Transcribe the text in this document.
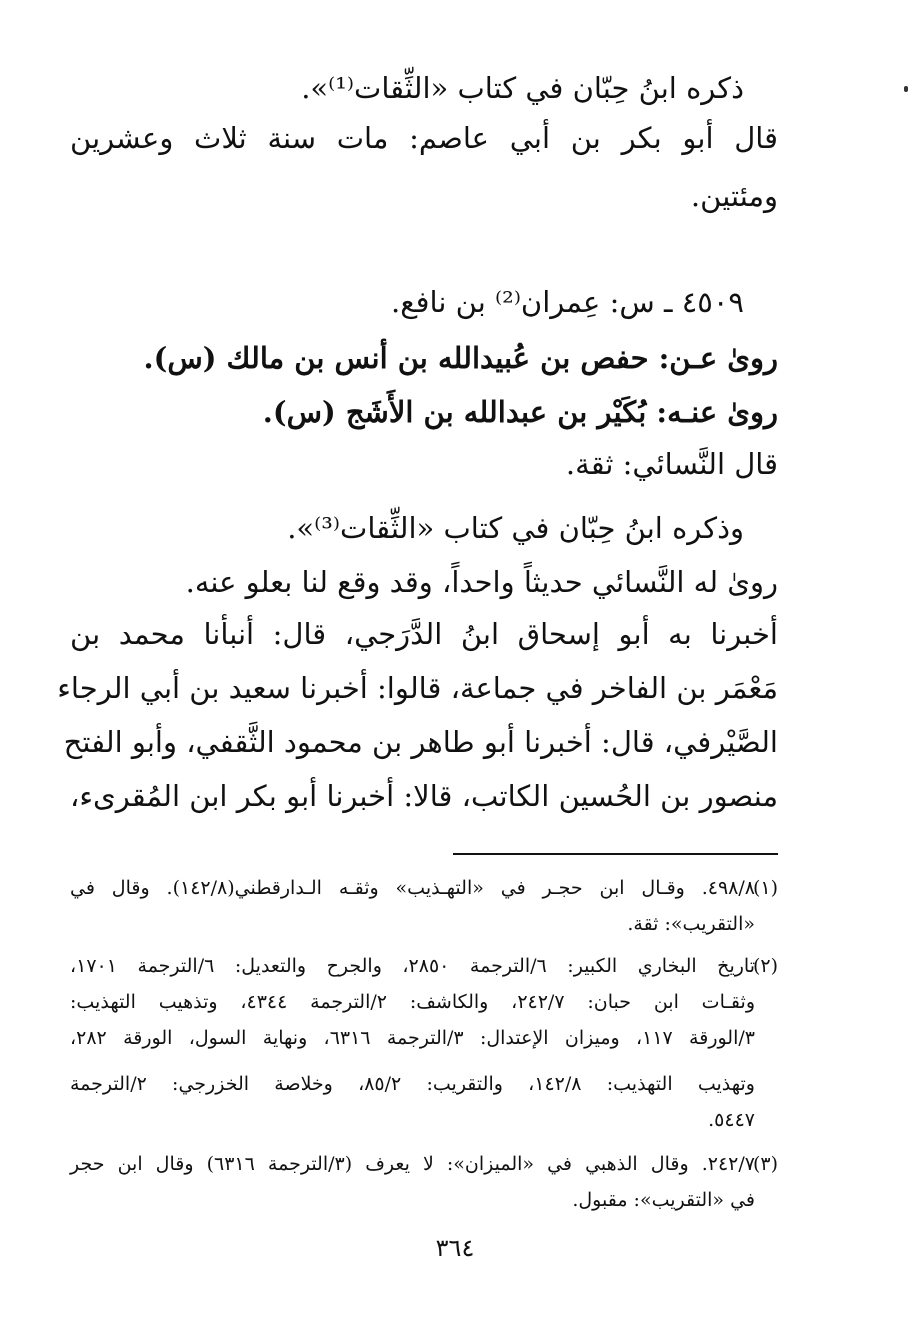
ذكره ابنُ حِبّان في كتاب «الثِّقات⁽¹⁾».
قال أبو بكر بن أبي عاصم: مات سنة ثلاث وعشرين
ومئتين.
٤٥٠٩ ـ س: عِمران⁽²⁾ بن نافع.
روىٰ عـن: حفص بن عُبيدالله بن أنس بن مالك (س).
روىٰ عنـه: بُكَيْر بن عبدالله بن الأَشَج (س).
قال النَّسائي: ثقة.
وذكره ابنُ حِبّان في كتاب «الثِّقات⁽³⁾».
روىٰ له النَّسائي حديثاً واحداً، وقد وقع لنا بعلو عنه.
أخبرنا به أبو إسحاق ابنُ الدَّرَجي، قال: أنبأنا محمد بن
مَعْمَر بن الفاخر في جماعة، قالوا: أخبرنا سعيد بن أبي الرجاء
الصَّيْرفي، قال: أخبرنا أبو طاهر بن محمود الثَّقفي، وأبو الفتح
منصور بن الحُسين الكاتب، قالا: أخبرنا أبو بكر ابن المُقرىء،
(١)
٤٩٨/٨. وقـال ابن حجـر في «التهـذيب» وثقـه الـدارقطني(١٤٢/٨). وقال في
«التقريب»: ثقة.
(٢)
تاريخ البخاري الكبير: ٦/الترجمة ٢٨٥٠، والجرح والتعديل: ٦/الترجمة ١٧٠١،
وثقـات ابن حبان: ٢٤٢/٧، والكاشف: ٢/الترجمة ٤٣٤٤، وتذهيب التهذيب:
٣/الورقة ١١٧، وميزان الإعتدال: ٣/الترجمة ٦٣١٦، ونهاية السول، الورقة ٢٨٢،
وتهذيب التهذيب: ١٤٢/٨، والتقريب: ٨٥/٢، وخلاصة الخزرجي: ٢/الترجمة
٥٤٤٧.
(٣)
٢٤٢/٧. وقال الذهبي في «الميزان»: لا يعرف (٣/الترجمة ٦٣١٦) وقال ابن حجر
في «التقريب»: مقبول.
٣٦٤
